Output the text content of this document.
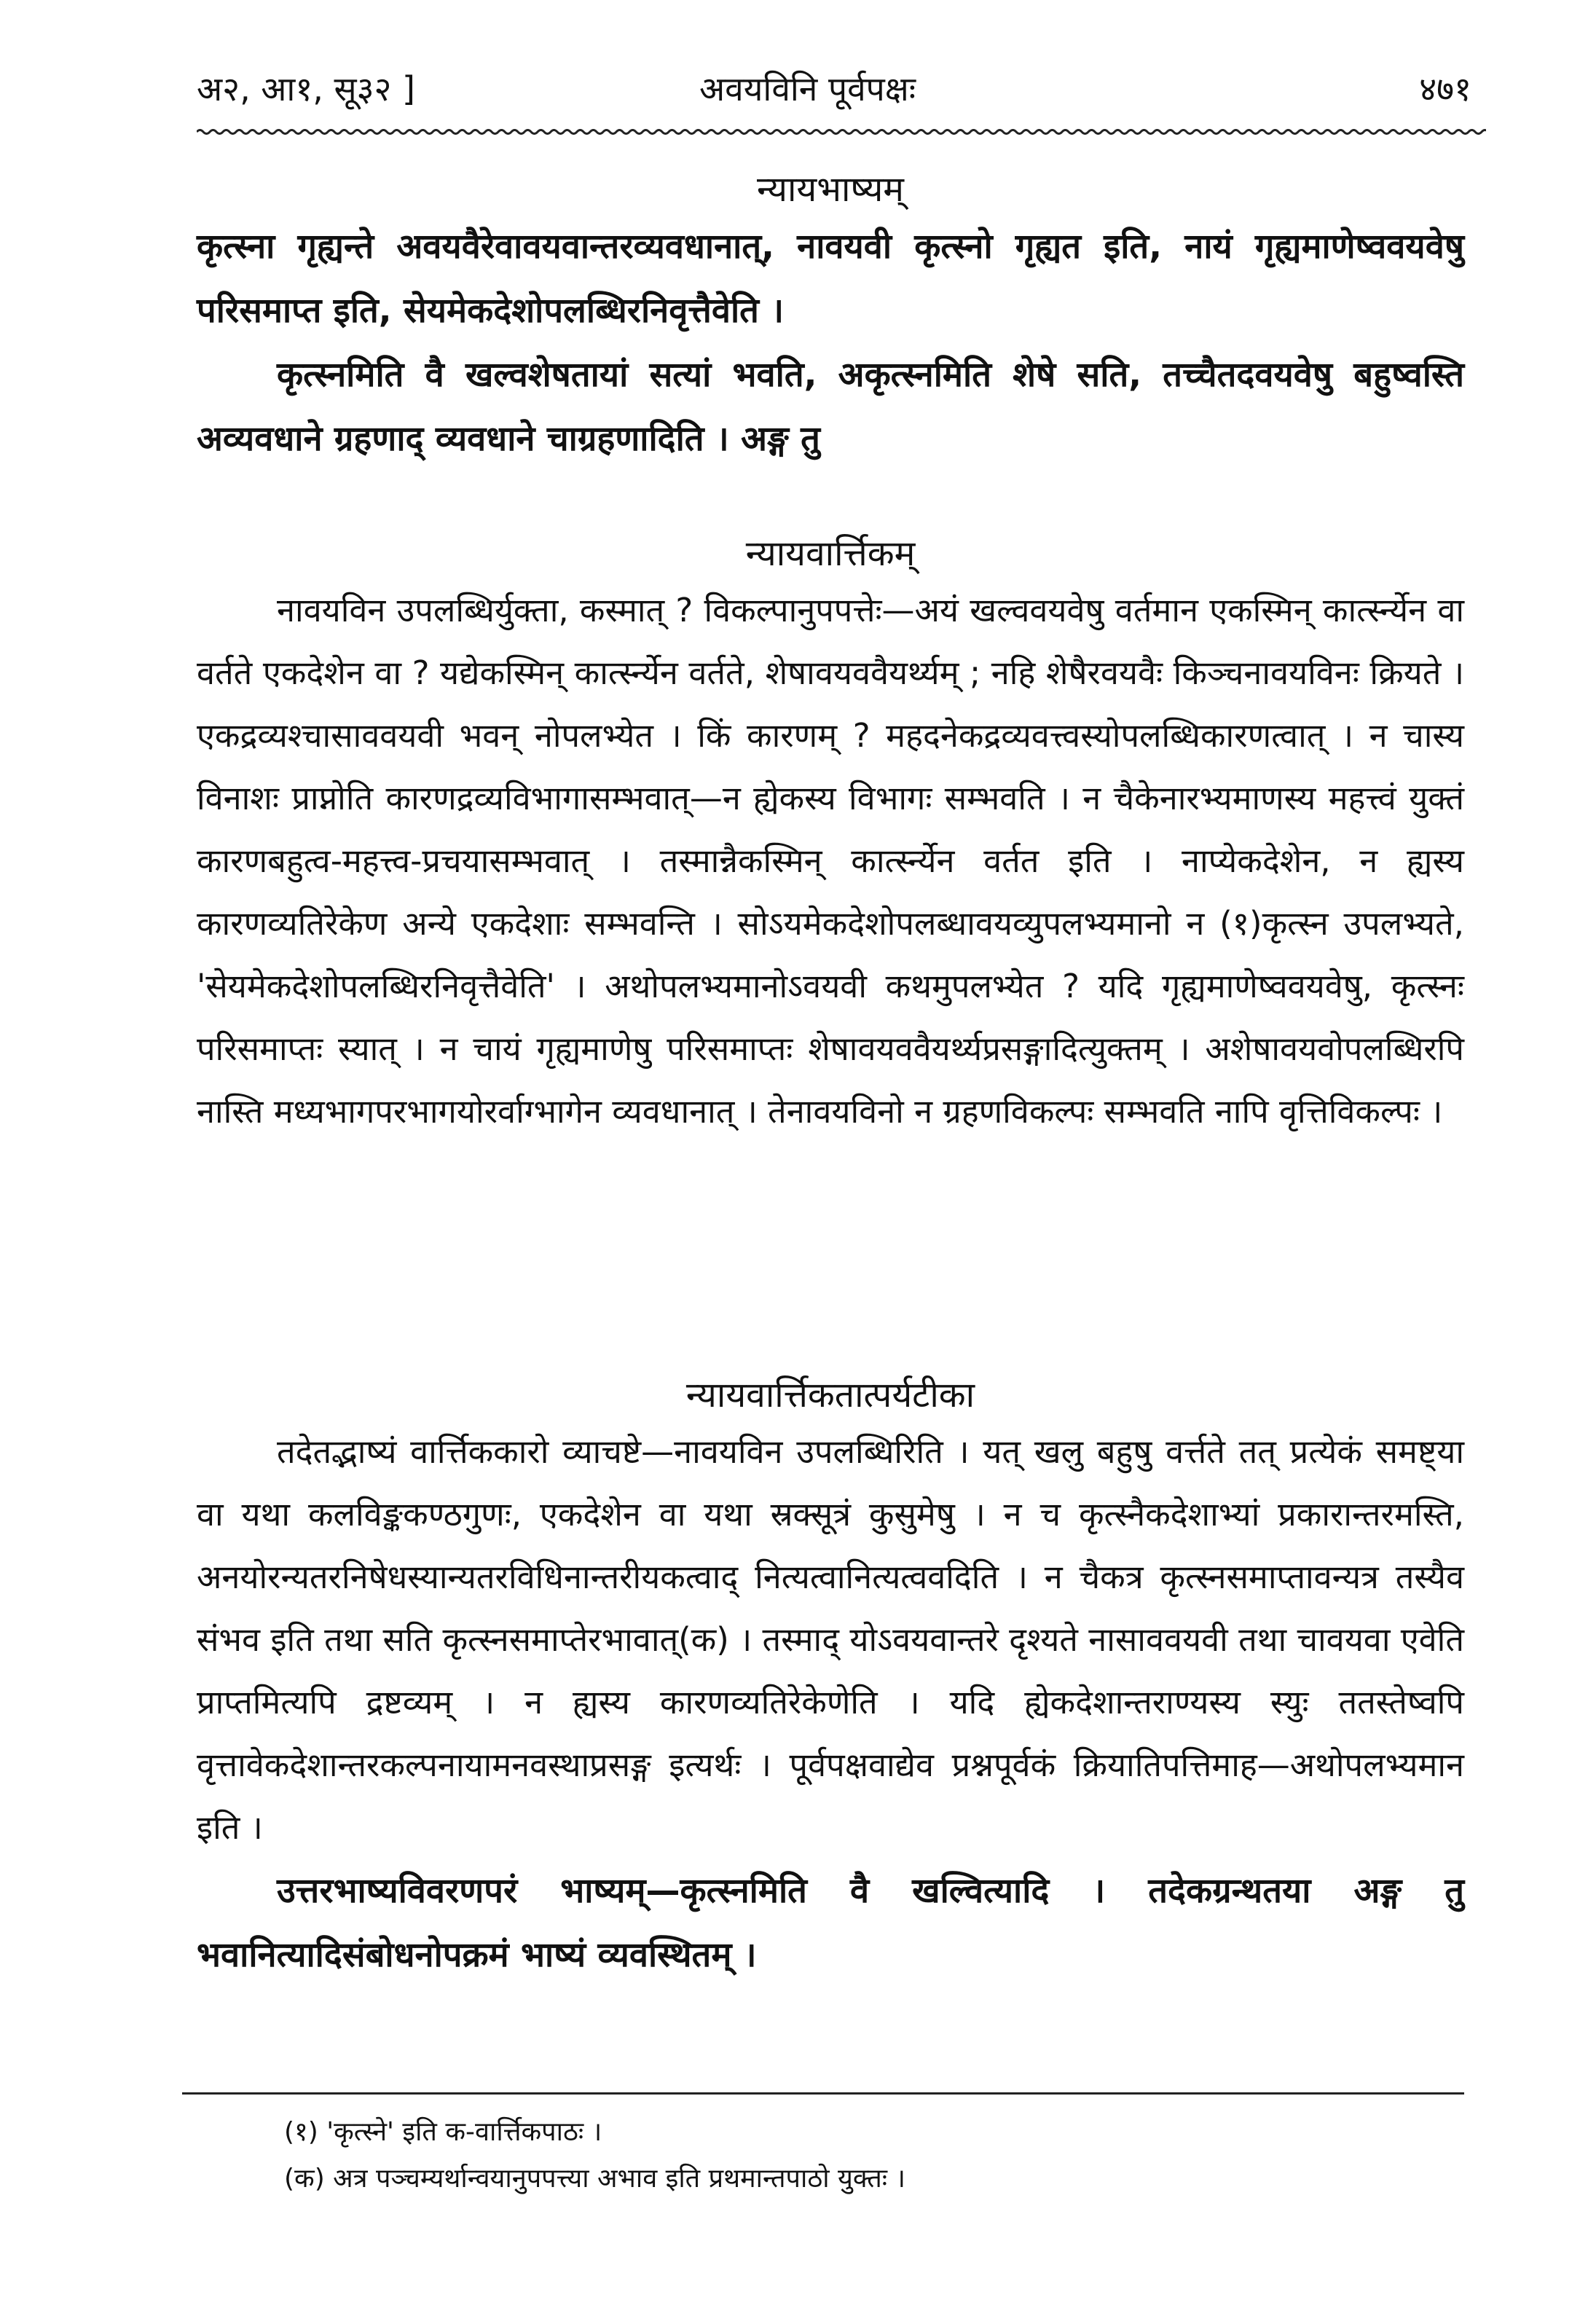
अ२, आ१, सू३२ ]	अवयविनि पूर्वपक्षः	४७१

न्यायभाष्यम्

कृत्स्ना गृह्यन्ते अवयवैरेवावयवान्तरव्यवधानात्, नावयवी कृत्स्नो गृह्यत इति, नायं गृह्यमाणेष्ववयवेषु परिसमाप्त इति, सेयमेकदेशोपलब्धिरनिवृत्तैवेति ।

कृत्स्नमिति वै खल्वशेषतायां सत्यां भवति, अकृत्स्नमिति शेषे सति, तच्चैतदवयवेषु बहुष्वस्ति अव्यवधाने ग्रहणाद् व्यवधाने चाग्रहणादिति । अङ्ग तु

न्यायवार्त्तिकम्

नावयविन उपलब्धिर्युक्ता, कस्मात् ? विकल्पानुपपत्तेः—अयं खल्ववयवेषु वर्तमान एकस्मिन् कार्त्स्न्येन वा वर्तते एकदेशेन वा ? यद्येकस्मिन् कार्त्स्न्येन वर्तते, शेषावयववैयर्थ्यम् ; नहि शेषैरवयवैः किञ्चनावयविनः क्रियते । एकद्रव्यश्चासाववयवी भवन् नोपलभ्येत । किं कारणम् ? महदनेकद्रव्यवत्त्वस्योपलब्धिकारणत्वात् । न चास्य विनाशः प्राप्नोति कारणद्रव्यविभागासम्भवात्—न ह्येकस्य विभागः सम्भवति । न चैकेनारभ्यमाणस्य महत्त्वं युक्तं कारणबहुत्व-महत्त्व-प्रचयासम्भवात् । तस्मान्नैकस्मिन् कार्त्स्न्येन वर्तत इति । नाप्येकदेशेन, न ह्यस्य कारणव्यतिरेकेण अन्ये एकदेशाः सम्भवन्ति । सोऽयमेकदेशोपलब्धावयव्युपलभ्यमानो न (१)कृत्स्न उपलभ्यते, 'सेयमेकदेशोपलब्धिरनिवृत्तैवेति' । अथोपलभ्यमानोऽवयवी कथमुपलभ्येत ? यदि गृह्यमाणेष्ववयवेषु, कृत्स्नः परिसमाप्तः स्यात् । न चायं गृह्यमाणेषु परिसमाप्तः शेषावयववैयर्थ्यप्रसङ्गादित्युक्तम् । अशेषावयवोपलब्धिरपि नास्ति मध्यभागपरभागयोरर्वाग्भागेन व्यवधानात् । तेनावयविनो न ग्रहणविकल्पः सम्भवति नापि वृत्तिविकल्पः ।

न्यायवार्त्तिकतात्पर्यटीका

तदेतद्भाष्यं वार्त्तिककारो व्याचष्टे—नावयविन उपलब्धिरिति । यत् खलु बहुषु वर्त्तते तत् प्रत्येकं समष्ट्या वा यथा कलविङ्ककण्ठगुणः, एकदेशेन वा यथा स्रक्सूत्रं कुसुमेषु । न च कृत्स्नैकदेशाभ्यां प्रकारान्तरमस्ति, अनयोरन्यतरनिषेधस्यान्यतरविधिनान्तरीयकत्वाद् नित्यत्वानित्यत्ववदिति । न चैकत्र कृत्स्नसमाप्तावन्यत्र तस्यैव संभव इति तथा सति कृत्स्नसमाप्तेरभावात्(क) । तस्माद् योऽवयवान्तरे दृश्यते नासाववयवी तथा चावयवा एवेति प्राप्तमित्यपि द्रष्टव्यम् । न ह्यस्य कारणव्यतिरेकेणेति । यदि ह्येकदेशान्तराण्यस्य स्युः ततस्तेष्वपि वृत्तावेकदेशान्तरकल्पनायामनवस्थाप्रसङ्ग इत्यर्थः । पूर्वपक्षवाद्येव प्रश्नपूर्वकं क्रियातिपत्तिमाह—अथोपलभ्यमान इति ।

उत्तरभाष्यविवरणपरं भाष्यम्—कृत्स्नमिति वै खल्वित्यादि । तदेकग्रन्थतया अङ्ग तु भवानित्यादिसंबोधनोपक्रमं भाष्यं व्यवस्थितम् ।

(१) 'कृत्स्ने' इति क-वार्त्तिकपाठः ।

(क) अत्र पञ्चम्यर्थान्वयानुपपत्त्या अभाव इति प्रथमान्तपाठो युक्तः ।
